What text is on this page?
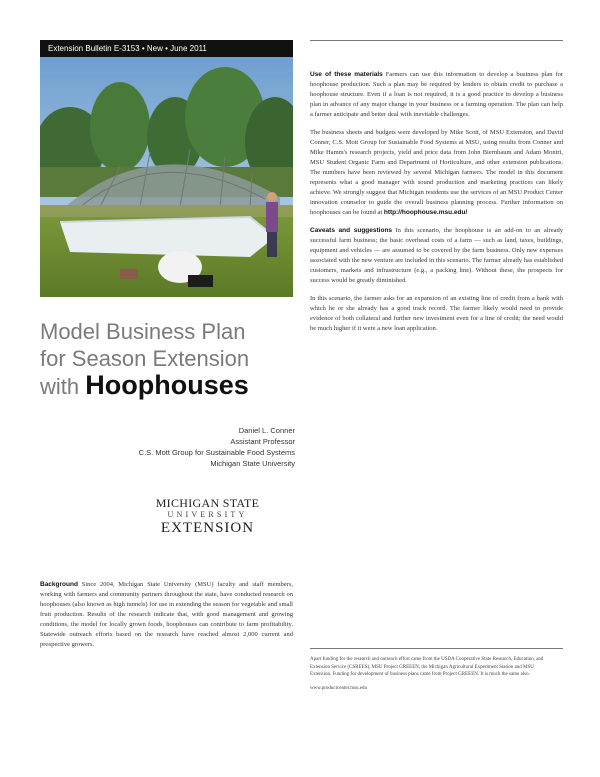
Extension Bulletin E-3153 • New • June 2011
Model Business Plan
for Season Extension
with Hoophouses
Daniel L. Conner
Assistant Professor
C.S. Mott Group for Sustainable Food Systems
Michigan State University
MICHIGAN STATE
UNIVERSITY
EXTENSION
Background Since 2004, Michigan State University (MSU) faculty and staff members, working with farmers and community partners throughout the state, have conducted research on hoophouses (also known as high tunnels) for use in extending the season for vegetable and small fruit production. Results of the research indicate that, with good management and growing conditions, the model for locally grown foods, hoophouses can contribute to farm profitability. Statewide outreach efforts based on the research have reached almost 2,000 current and prospective growers.

Use of these materials Farmers can use this information to develop a business plan for hoophouse production. Such a plan may be required by lenders to obtain credit to purchase a hoophouse structure. Even if a loan is not required, it is a good practice to develop a business plan in advance of any major change in your business or a farming operation. The plan can help a farmer anticipate and better deal with inevitable challenges.

The business sheets and budgets were developed by Mike Scott, of MSU Extension, and David Conner, C.S. Mott Group for Sustainable Food Systems at MSU, using results from Conner and Mike Hamm's research projects, yield and price data from John Biernbaum and Adam Montri, MSU Student Organic Farm and Department of Horticulture, and other extension publications. The numbers have been reviewed by several Michigan farmers. The model in this document represents what a good manager with sound production and marketing practices can likely achieve. We strongly suggest that Michigan residents use the services of an MSU Product Center innovation counselor to guide the overall business planning process. Further information on hoophouses can be found at http://hoophouse.msu.edu/

Caveats and suggestions In this scenario, the hoophouse is an add-on to an already successful farm business; the basic overhead costs of a farm — such as land, taxes, buildings, equipment and vehicles — are assumed to be covered by the farm business. Only new expenses associated with the new venture are included in this scenario. The farmer already has established customers, markets and infrastructure (e.g., a packing line). Without these, the prospects for success would be greatly diminished.

In this scenario, the farmer asks for an expansion of an existing line of credit from a bank with which he or she already has a good track record. The farmer likely would need to provide evidence of both collateral and further new investment even for a line of credit; the need would be much higher if it were a new loan application.

Apart funding for the research and outreach effort came from the USDA Cooperative State Research, Education, and Extension Service (CSREES), MSU Project GREEEN, the Michigan Agricultural Experiment Station and MSU Extension. Funding for development of business plans came from Project GREEEN. It is much the same also.

www.productcenter.msu.edu
